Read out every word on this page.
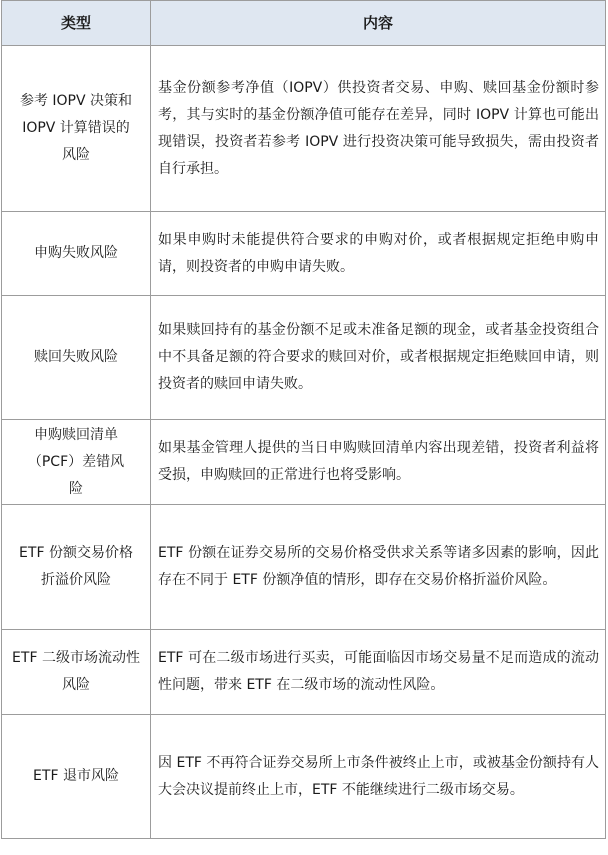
类型	内容
参考 IOPV 决策和 IOPV 计算错误的风险	基金份额参考净值（IOPV）供投资者交易、申购、赎回基金份额时参考，其与实时的基金份额净值可能存在差异，同时 IOPV 计算也可能出现错误，投资者若参考 IOPV 进行投资决策可能导致损失，需由投资者自行承担。
申购失败风险	如果申购时未能提供符合要求的申购对价，或者根据规定拒绝申购申请，则投资者的申购申请失败。
赎回失败风险	如果赎回持有的基金份额不足或未准备足额的现金，或者基金投资组合中不具备足额的符合要求的赎回对价，或者根据规定拒绝赎回申请，则投资者的赎回申请失败。
申购赎回清单（PCF）差错风险	如果基金管理人提供的当日申购赎回清单内容出现差错，投资者利益将受损，申购赎回的正常进行也将受影响。
ETF 份额交易价格折溢价风险	ETF 份额在证券交易所的交易价格受供求关系等诸多因素的影响，因此存在不同于 ETF 份额净值的情形，即存在交易价格折溢价风险。
ETF 二级市场流动性风险	ETF 可在二级市场进行买卖，可能面临因市场交易量不足而造成的流动性问题，带来 ETF 在二级市场的流动性风险。
ETF 退市风险	因 ETF 不再符合证券交易所上市条件被终止上市，或被基金份额持有人大会决议提前终止上市，ETF 不能继续进行二级市场交易。
